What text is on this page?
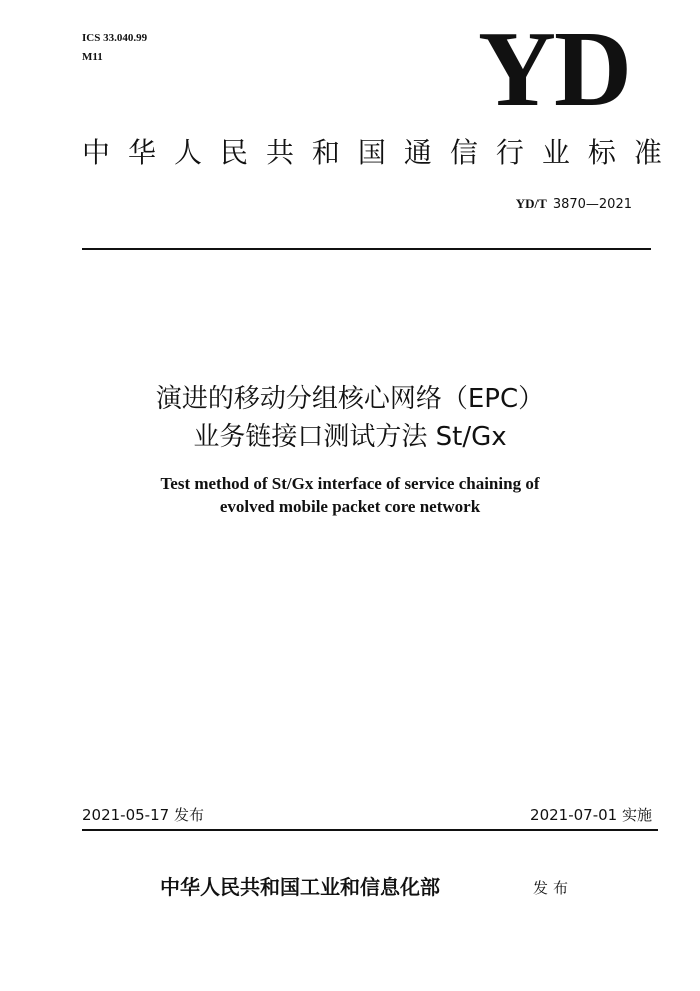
ICS 33.040.99
M11	YD
中 华 人 民 共 和 国 通 信 行 业 标 准
YD/T 3870—2021
演进的移动分组核心网络（EPC）
业务链接口测试方法 St/Gx
Test method of St/Gx interface of service chaining of
evolved mobile packet core network
2021-05-17 发布	2021-07-01 实施
中华人民共和国工业和信息化部	发布
